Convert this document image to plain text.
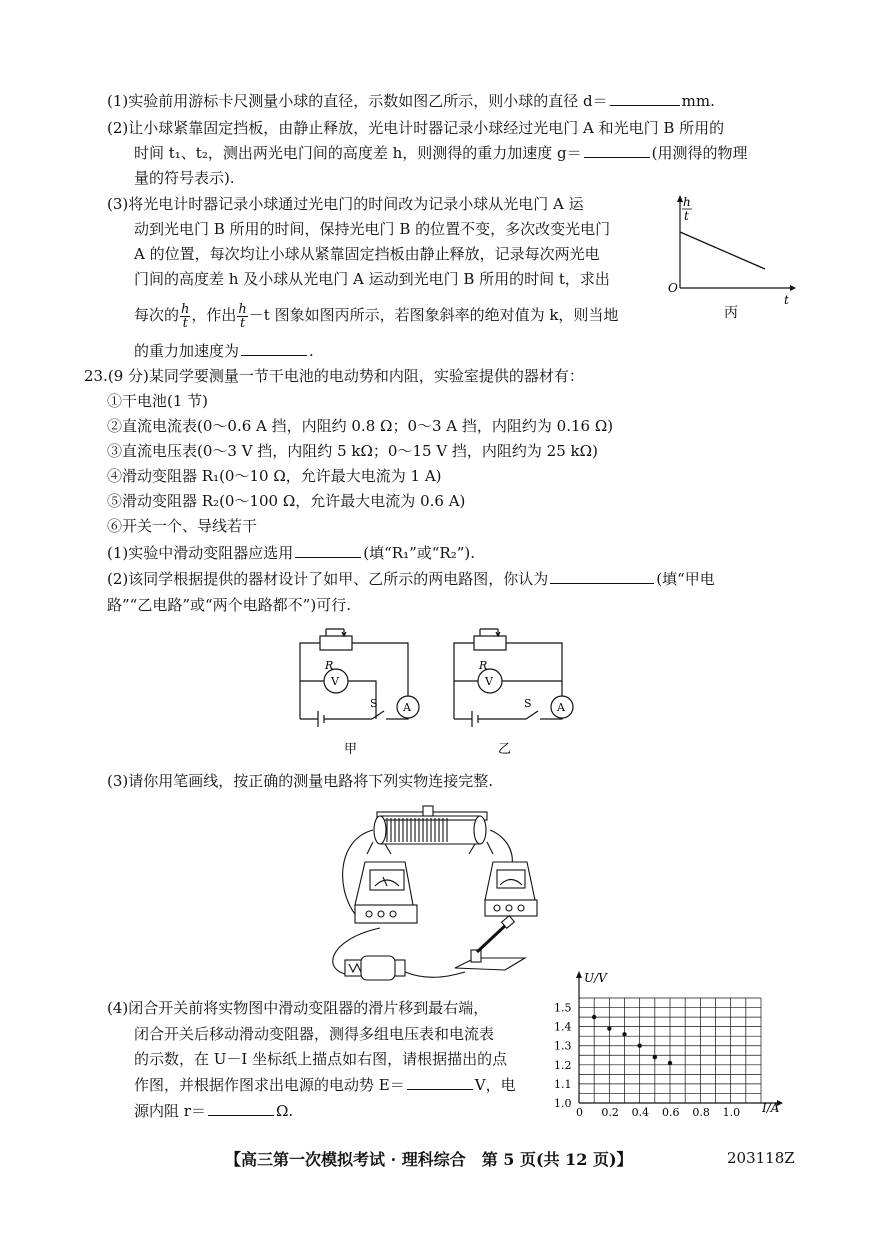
(1)实验前用游标卡尺测量小球的直径，示数如图乙所示，则小球的直径 d＝	mm.
(2)让小球紧靠固定挡板，由静止释放，光电计时器记录小球经过光电门 A 和光电门 B 所用的
时间 t₁、t₂，测出两光电门间的高度差 h，则测得的重力加速度 g＝	(用测得的物理
量的符号表示).
(3)将光电计时器记录小球通过光电门的时间改为记录小球从光电门 A 运
动到光电门 B 所用的时间，保持光电门 B 的位置不变，多次改变光电门
A 的位置，每次均让小球从紧靠固定挡板由静止释放，记录每次两光电
门间的高度差 h 及小球从光电门 A 运动到光电门 B 所用的时间 t，求出
每次的 $\frac{h}{t}$ ，作出 $\frac{h}{t} -t$ 图象如图丙所示，若图象斜率的绝对值为 k，则当地
的重力加速度为	.
h
t
O
t
丙
23.(9 分)某同学要测量一节干电池的电动势和内阻，实验室提供的器材有：
①干电池(1 节)
②直流电流表(0～0.6 A 挡，内阻约 0.8 Ω；0～3 A 挡，内阻约为 0.16 Ω)
③直流电压表(0～3 V 挡，内阻约 5 kΩ；0～15 V 挡，内阻约为 25 kΩ)
④滑动变阻器 R₁(0～10 Ω，允许最大电流为 1 A)
⑤滑动变阻器 R₂(0～100 Ω，允许最大电流为 0.6 A)
⑥开关一个、导线若干
(1)实验中滑动变阻器应选用	(填“R₁”或“R₂”).
(2)该同学根据提供的器材设计了如甲、乙所示的两电路图，你认为	(填“甲电
路”“乙电路”或“两个电路都不”)可行.
R
V
A
S
甲
R
V
A
S
乙
(3)请你用笔画线，按正确的测量电路将下列实物连接完整.
(4)闭合开关前将实物图中滑动变阻器的滑片移到最右端，
闭合开关后移动滑动变阻器，测得多组电压表和电流表
的示数，在 U－I 坐标纸上描点如右图，请根据描出的点
作图，并根据作图求出电源的电动势 E＝	V，电
源内阻 r＝	Ω.	0 0.2 0.4 0.6 0.8 1.0
1.0
1.1
1.2
1.3
1.4
1.5
U/V
I/A
【高三第一次模拟考试 · 理科综合　第 5 页(共 12 页)】	203118Z
